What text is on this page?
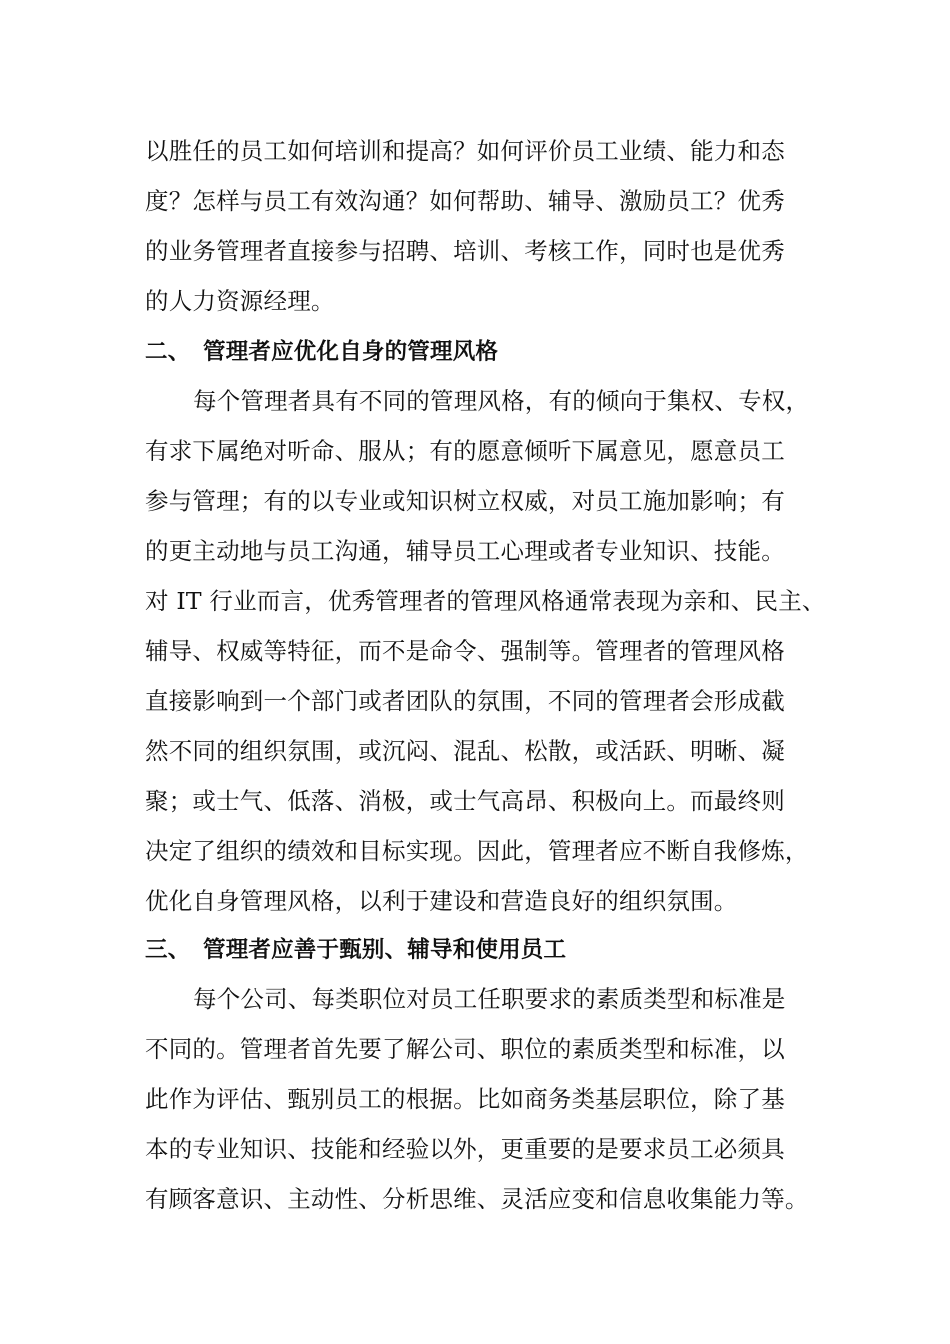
以胜任的员工如何培训和提高？如何评价员工业绩、能力和态
度？怎样与员工有效沟通？如何帮助、辅导、激励员工？优秀
的业务管理者直接参与招聘、培训、考核工作，同时也是优秀
的人力资源经理。
二、 管理者应优化自身的管理风格
每个管理者具有不同的管理风格，有的倾向于集权、专权，
有求下属绝对听命、服从；有的愿意倾听下属意见，愿意员工
参与管理；有的以专业或知识树立权威，对员工施加影响；有
的更主动地与员工沟通，辅导员工心理或者专业知识、技能。
对 IT 行业而言，优秀管理者的管理风格通常表现为亲和、民主、
辅导、权威等特征，而不是命令、强制等。管理者的管理风格
直接影响到一个部门或者团队的氛围，不同的管理者会形成截
然不同的组织氛围，或沉闷、混乱、松散，或活跃、明晰、凝
聚；或士气、低落、消极，或士气高昂、积极向上。而最终则
决定了组织的绩效和目标实现。因此，管理者应不断自我修炼，
优化自身管理风格，以利于建设和营造良好的组织氛围。
三、 管理者应善于甄别、辅导和使用员工
每个公司、每类职位对员工任职要求的素质类型和标准是
不同的。管理者首先要了解公司、职位的素质类型和标准，以
此作为评估、甄别员工的根据。比如商务类基层职位，除了基
本的专业知识、技能和经验以外，更重要的是要求员工必须具
有顾客意识、主动性、分析思维、灵活应变和信息收集能力等。
